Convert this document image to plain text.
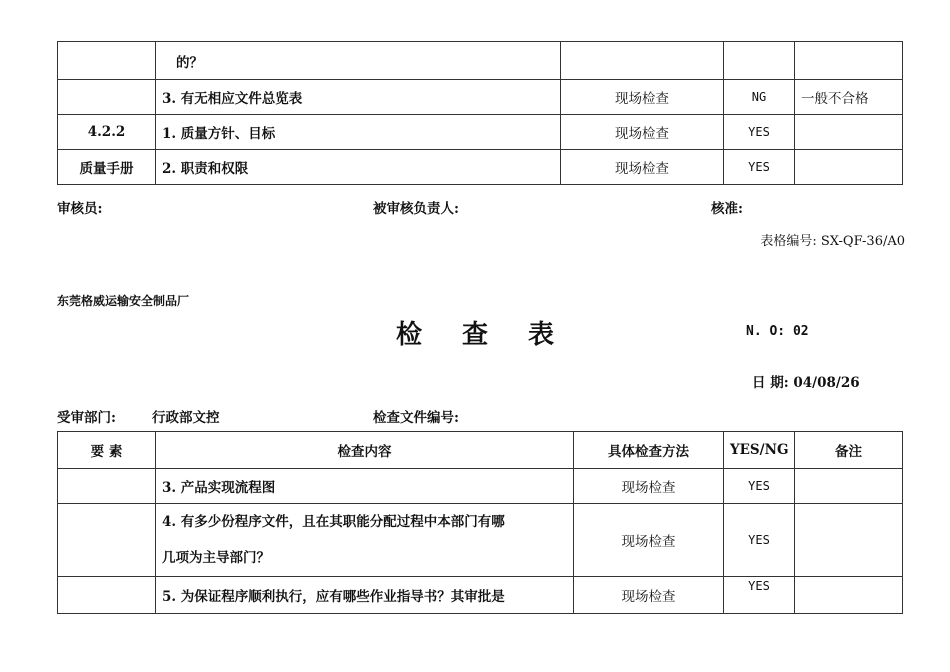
	的？			
	3. 有无相应文件总览表	现场检查	NG	一般不合格
4.2.2	1. 质量方针、目标	现场检查	YES	
质量手册	2. 职责和权限	现场检查	YES	
审核员:	被审核负责人:	核准:
表格编号: SX-QF-36/A0
东莞格威运输安全制品厂
检查表	N. O: 02
日 期: 04/08/26
受审部门:	行政部文控	检查文件编号:
要 素	检查内容	具体检查方法	YES/NG	备注
	3. 产品实现流程图	现场检查	YES	

	4. 有多少份程序文件，且在其职能分配过程中本部门有哪
几项为主导部门？	现场检查	YES	
	5. 为保证程序顺利执行，应有哪些作业指导书？其审批是	现场检查	YES	
